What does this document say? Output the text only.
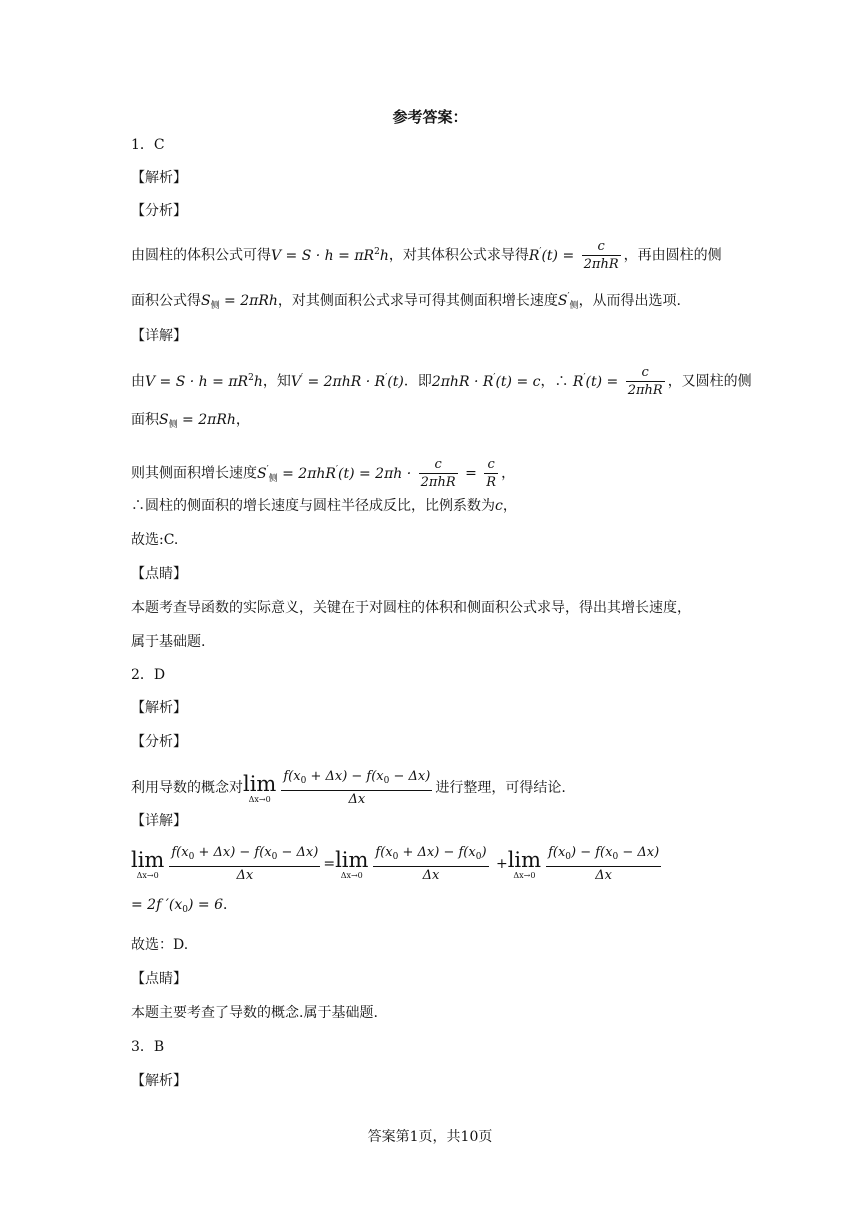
参考答案：
1．C
【解析】
【分析】
由圆柱的体积公式可得$V = S \cdot h = \pi R^2h$，对其体积公式求导得$R'(t) = \frac{c}{\text{2πhR}}$ ，再由圆柱的侧
面积公式得$S_侧 = 2\pi Rh$，对其侧面积公式求导可得其侧面积增长速度$S'_侧$，从而得出选项.
【详解】
由$V = S \cdot h = \pi R^2h$，知V′ = 2πhR · R′(t)．即2πhR · R′(t) = c，∴ $R'(t) = \frac{c}{\text{2πhR}}$ ，又圆柱的侧
面积$S_侧 = 2\pi Rh$，
则其侧面积增长速度$S'_侧 = 2\pi hR'(t) = 2\pi h \cdot \frac{c}{\text{2πhR}} = \frac{c}{R}$ ，
∴圆柱的侧面积的增长速度与圆柱半径成反比，比例系数为c，
故选:C.
【点睛】
本题考查导函数的实际意义，关键在于对圆柱的体积和侧面积公式求导，得出其增长速度，
属于基础题.
2．D
【解析】
【分析】
利用导数的概念对 lim
$\Delta x\to 0 \frac{f(x_0 + \Delta x) - f(x_0 - \Delta x)}{\Delta x}$ 进行整理，可得结论.
【详解】
lim
$\Delta x\to 0 \frac{f(x_0 + \Delta x) - f(x_0 - \Delta x)}{\Delta x} = \lim$
$\Delta x\to 0 \frac{f(x_0 + \Delta x) - f(x_0)}{\Delta x} + \lim$
$\Delta x\to 0 \frac{f(x_0) - f(x_0 - \Delta x)}{\Delta x}$
= 2f $'(x_0) = 6$．
故选：D.
【点睛】
本题主要考查了导数的概念.属于基础题.
3．B
【解析】
答案第1页，共10页
